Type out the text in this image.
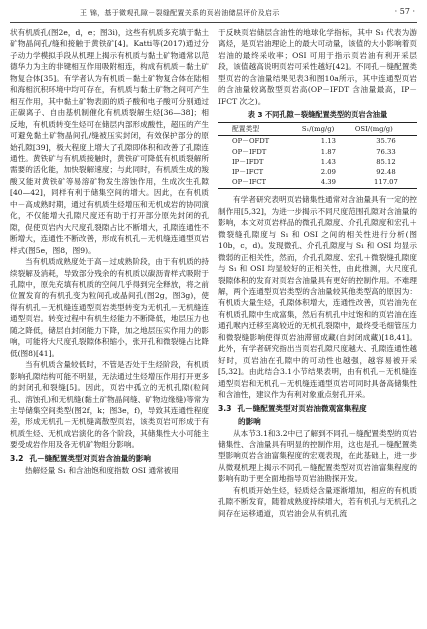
王 锦，基于微观孔隙－裂缝配置关系的页岩油储层评价及启示	· 57 ·

状有机质孔(图2e，d，e；图3i)，这些有机质多充填于黏土矿物晶间孔/缝和接触于黄铁矿[4]。Katti等(2017)通过分子动力学模拟手段从机理上揭示有机质与黏土矿物通常以范德华力为主的非键相互作用吸附相连，构成有机质－黏土矿物复合体[35]。有学者认为有机质－黏土矿物复合体在陆相和海相沉积环境中均可存在，有机质与黏土矿物之间可产生相互作用，其中黏土矿物表面的质子酸和电子酸可分别通过正碳离子、自由基机制催化有机质裂解生烃[36—38]；相反地，有机质转变生烃可在储层内部形成酸性，超压的产生可避免黏土矿物晶间孔/缝被压实封闭，有效保护部分的原始孔隙[39]，极大程度上增大了孔隙即体积和改善了孔隙连通性。黄铁矿与有机质接触时，黄铁矿可降低有机质裂解所需要的活化能，加快裂解速度；与此同时，有机质生成的羧酸又能对黄铁矿等易溶矿物发生溶蚀作用，生成次生孔隙[40—42]，同样有利于储集空间的增大。因此，在有机质中－高成熟时期，通过有机质生烃增压和无机成岩的协同演化，不仅能增大孔隙尺度还有助于打开部分原先封闭的孔隙，促使页岩内大尺度孔裂隙占比不断增大，孔隙连通性不断增大，连通性不断改善，形成有机孔－无机缝连通型页岩样式(图5e，图8，图9)。

当有机质成熟度处于高－过成熟阶段，由于有机质的持续裂解及消耗，导致部分残余的有机质以碳沥青样式吸附于孔隙中，原先充填有机质的空间几乎得到完全释放，将之前位置发育的有机孔变为粒间孔或晶间孔(图2g，图3g)，使得有机孔－无机缝连通型页岩类型转变为无机孔－无机缝连通型页岩。转变过程中有机生烃能力不断降低，地层压力也随之降低，储层自封闭能力下降，加之地层压实作用力的影响，可能将大尺度孔裂隙体积缩小，张开孔和微裂缝占比降低(图8)[41]。

当有机质含量较低时，不管是否处于生烃阶段，有机质影响孔隙结构可能不明显，无法通过生烃增压作用打开更多的封闭孔和裂缝[5]。因此，页岩中孤立的无机孔隙(粒间孔、溶蚀孔)和无机缝(黏土矿物晶间缝、矿物边缘缝)等常为主导储集空间类型(图2f，k；图3e，f)，导致其连通性程度差，形成无机孔－无机缝离散型页岩，该类页岩可形成于有机质生烃、无机成岩演化的各个阶段，其储集性大小可能主要受成岩作用及各无机矿物组分影响。

3.2 孔－缝配置类型对页岩含油量的影响

热解烃量 S₁ 和含油饱和度指数 OSI 通常被用

于反映页岩储层含油性的地球化学指标，其中 S₁ 代表为游离烃，是页岩油理论上的最大可动量，该值的大小影响着页岩油的最终采收率；OSI 可用于指示页岩油有利开采层段，该值越高说明页岩可采性越好[42]。不同孔－缝配置类型页岩的含油量结果见表3和图10a所示，其中连通型页岩的含油量较离散型页岩高(OP－IFDT 含油量最高，IP－IFCT 次之)。

表 3 不同孔隙－裂缝配置类型的页岩含油量
配置类型	S₁/(mg/g)	OSI/(mg/g)
OP－OFDT	1.13	35.76
OP－IFDT	1.87	76.33
IP－IFDT	1.43	85.12
IP－IFCT	2.09	92.48
OP－IFCT	4.39	117.07

有学者研究表明页岩储集性通常对含油量具有一定的控制作用[5,32]，为进一步揭示不同尺度范围孔隙对含油量的影响，本文对页岩样品的微孔孔隙度、介孔孔隙度和宏孔＋微裂缝孔隙度与 S₁ 和 OSI 之间的相关性进行分析(图10b，c，d)。发现微孔、介孔孔隙度与 S₁ 和 OSI 均显示微弱的正相关性，然而，介孔孔隙度、宏孔＋微裂缝孔隙度与 S₁ 和 OSI 均显较好的正相关性，由此推测，大尺度孔裂隙体积的发育对页岩含油量具有更好的控制作用。不难理解，两个连通型页岩类型的含油量较其他类型高的原因为：有机质大量生烃，孔隙体积增大，连通性改善，页岩油先在有机质孔隙中生成富集，然后有机孔中过饱和的页岩油在连通孔喉内迁移至离较近的无机孔裂隙中，最终受毛细管压力和微裂缝影响使得页岩油滞留成藏(自封闭成藏)[18,41]。此外，有学者研究指出当页岩孔隙尺度越大、孔隙连通性越好时，页岩油在孔隙中的可动性也越强，越容易被开采[5,32]。由此结合3.1小节结果表明，由有机孔－无机缝连通型页岩和无机孔－无机缝连通型页岩可同时具备高储集性和含油性，建议作为有利对象重点射孔开采。

3.3 孔－缝配置类型对页岩油微观富集程度
的影响

从本节3.1和3.2中已了解到不同孔－缝配置类型的页岩储集性、含油量具有明显的控制作用，这也是孔－缝配置类型影响页岩含油富集程度的宏观表现，在此基础上，进一步从微观机理上揭示不同孔－缝配置类型对页岩油富集程度的影响有助于更全面地指导页岩油勘探开发。

有机质开始生烃，轻质烃含量逐渐增加，相应的有机质孔隙不断发育，随着成熟度持续增大，若有机孔与无机孔之间存在运移通道，页岩油会从有机孔流
